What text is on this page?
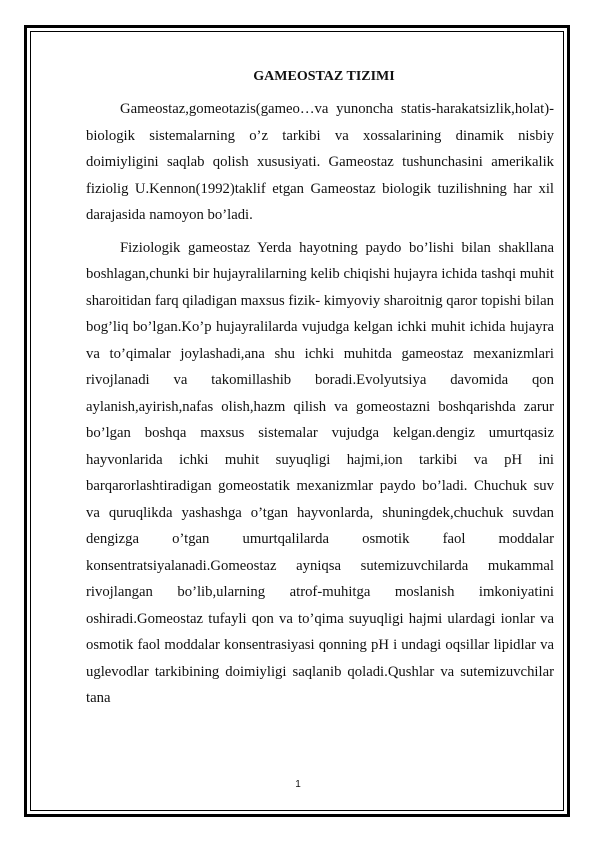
GAMEOSTAZ TIZIMI

Gameostaz,gomeotazis(gameo…va yunoncha statis-harakatsizlik,holat)-biologik sistemalarning o’z tarkibi va xossalarining dinamik nisbiy doimiyligini saqlab qolish xususiyati. Gameostaz tushunchasini amerikalik fiziolig U.Kennon(1992)taklif etgan Gameostaz biologik tuzilishning har xil darajasida namoyon bo’ladi.

Fiziologik gameostaz Yerda hayotning paydo bo’lishi bilan shakllana boshlagan,chunki bir hujayralilarning kelib chiqishi hujayra ichida tashqi muhit sharoitidan farq qiladigan maxsus fizik- kimyoviy sharoitnig qaror topishi bilan bog’liq bo’lgan.Ko’p hujayralilarda vujudga kelgan ichki muhit ichida hujayra va to’qimalar joylashadi,ana shu ichki muhitda gameostaz mexanizmlari rivojlanadi va takomillashib boradi.Evolyutsiya davomida qon aylanish,ayirish,nafas olish,hazm qilish va gomeostazni boshqarishda zarur bo’lgan boshqa maxsus sistemalar vujudga kelgan.dengiz umurtqasiz hayvonlarida ichki muhit suyuqligi hajmi,ion tarkibi va pH ini barqarorlashtiradigan gomeostatik mexanizmlar paydo bo’ladi. Chuchuk suv va quruqlikda yashashga o’tgan hayvonlarda, shuningdek,chuchuk suvdan dengizga o’tgan umurtqalilarda osmotik faol moddalar konsentratsiyalanadi.Gomeostaz ayniqsa sutemizuvchilarda mukammal rivojlangan bo’lib,ularning atrof-muhitga moslanish imkoniyatini oshiradi.Gomeostaz tufayli qon va to’qima suyuqligi hajmi ulardagi ionlar va osmotik faol moddalar konsentrasiyasi qonning pH i undagi oqsillar lipidlar va uglevodlar tarkibining doimiyligi saqlanib qoladi.Qushlar va sutemizuvchilar tana

1
